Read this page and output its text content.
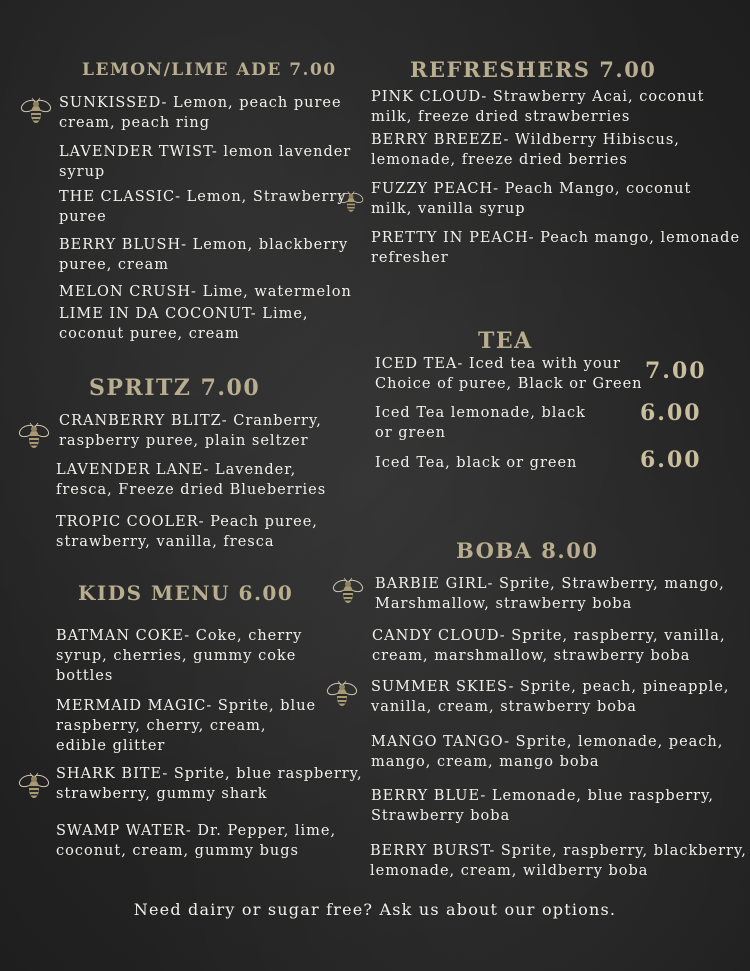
LEMON/LIME ADE 7.00
SUNKISSED- Lemon, peach puree cream, peach ring
LAVENDER TWIST- lemon lavender syrup
THE CLASSIC- Lemon, Strawberry puree
BERRY BLUSH- Lemon, blackberry puree, cream
MELON CRUSH- Lime, watermelon
LIME IN DA COCONUT- Lime, coconut puree, cream
SPRITZ 7.00
CRANBERRY BLITZ- Cranberry, raspberry puree, plain seltzer
LAVENDER LANE- Lavender, fresca, Freeze dried Blueberries
TROPIC COOLER- Peach puree, strawberry, vanilla, fresca
KIDS MENU 6.00
BATMAN COKE- Coke, cherry syrup, cherries, gummy coke bottles
MERMAID MAGIC- Sprite, blue raspberry, cherry, cream, edible glitter
SHARK BITE- Sprite, blue raspberry, strawberry, gummy shark
SWAMP WATER- Dr. Pepper, lime, coconut, cream, gummy bugs
REFRESHERS 7.00
PINK CLOUD- Strawberry Acai, coconut milk, freeze dried strawberries
BERRY BREEZE- Wildberry Hibiscus, lemonade, freeze dried berries
FUZZY PEACH- Peach Mango, coconut milk, vanilla syrup
PRETTY IN PEACH- Peach mango, lemonade refresher
TEA
ICED TEA- Iced tea with your Choice of puree, Black or Green 7.00
Iced Tea lemonade, black or green
6.00
Iced Tea, black or green	6.00
BOBA 8.00
BARBIE GIRL- Sprite, Strawberry, mango, Marshmallow, strawberry boba
CANDY CLOUD- Sprite, raspberry, vanilla, cream, marshmallow, strawberry boba
SUMMER SKIES- Sprite, peach, pineapple, vanilla, cream, strawberry boba
MANGO TANGO- Sprite, lemonade, peach, mango, cream, mango boba
BERRY BLUE- Lemonade, blue raspberry, Strawberry boba
BERRY BURST- Sprite, raspberry, blackberry, lemonade, cream, wildberry boba
Need dairy or sugar free? Ask us about our options.
